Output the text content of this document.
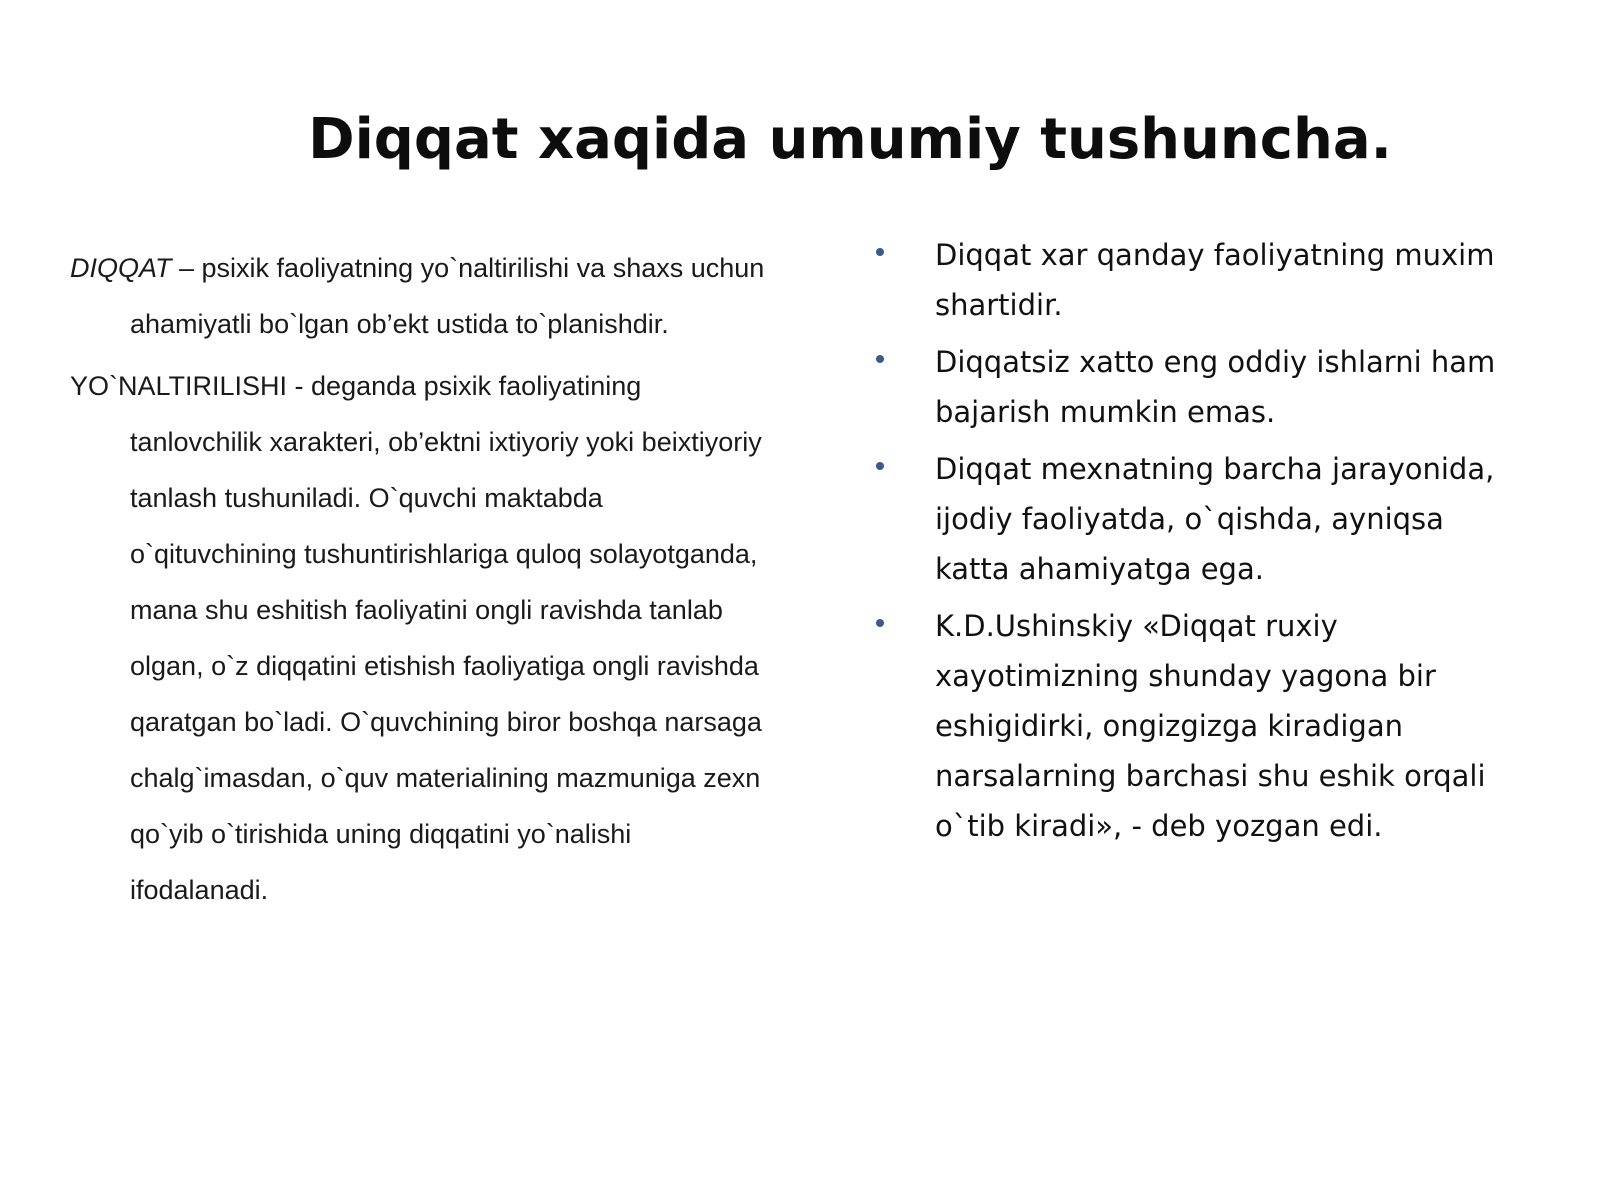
Diqqat xaqida umumiy tushuncha.

DIQQAT – psixik faoliyatning yo`naltirilishi va shaxs uchun ahamiyatli bo`lgan ob’ekt ustida to`planishdir.

YO`NALTIRILISHI - deganda psixik faoliyatining tanlovchilik xarakteri, ob’ektni ixtiyoriy yoki beixtiyoriy tanlash tushuniladi. O`quvchi maktabda o`qituvchining tushuntirishlariga quloq solayotganda, mana shu eshitish faoliyatini ongli ravishda tanlab olgan, o`z diqqatini etishish faoliyatiga ongli ravishda qaratgan bo`ladi. O`quvchining biror boshqa narsaga chalg`imasdan, o`quv materialining mazmuniga zexn qo`yib o`tirishida uning diqqatini yo`nalishi ifodalanadi.

Diqqat xar qanday faoliyatning muxim shartidir.
Diqqatsiz xatto eng oddiy ishlarni ham bajarish mumkin emas.
Diqqat mexnatning barcha jarayonida, ijodiy faoliyatda, o`qishda, ayniqsa katta ahamiyatga ega.
K.D.Ushinskiy «Diqqat ruxiy xayotimizning shunday yagona bir eshigidirki, ongizgizga kiradigan narsalarning barchasi shu eshik orqali o`tib kiradi», - deb yozgan edi.
